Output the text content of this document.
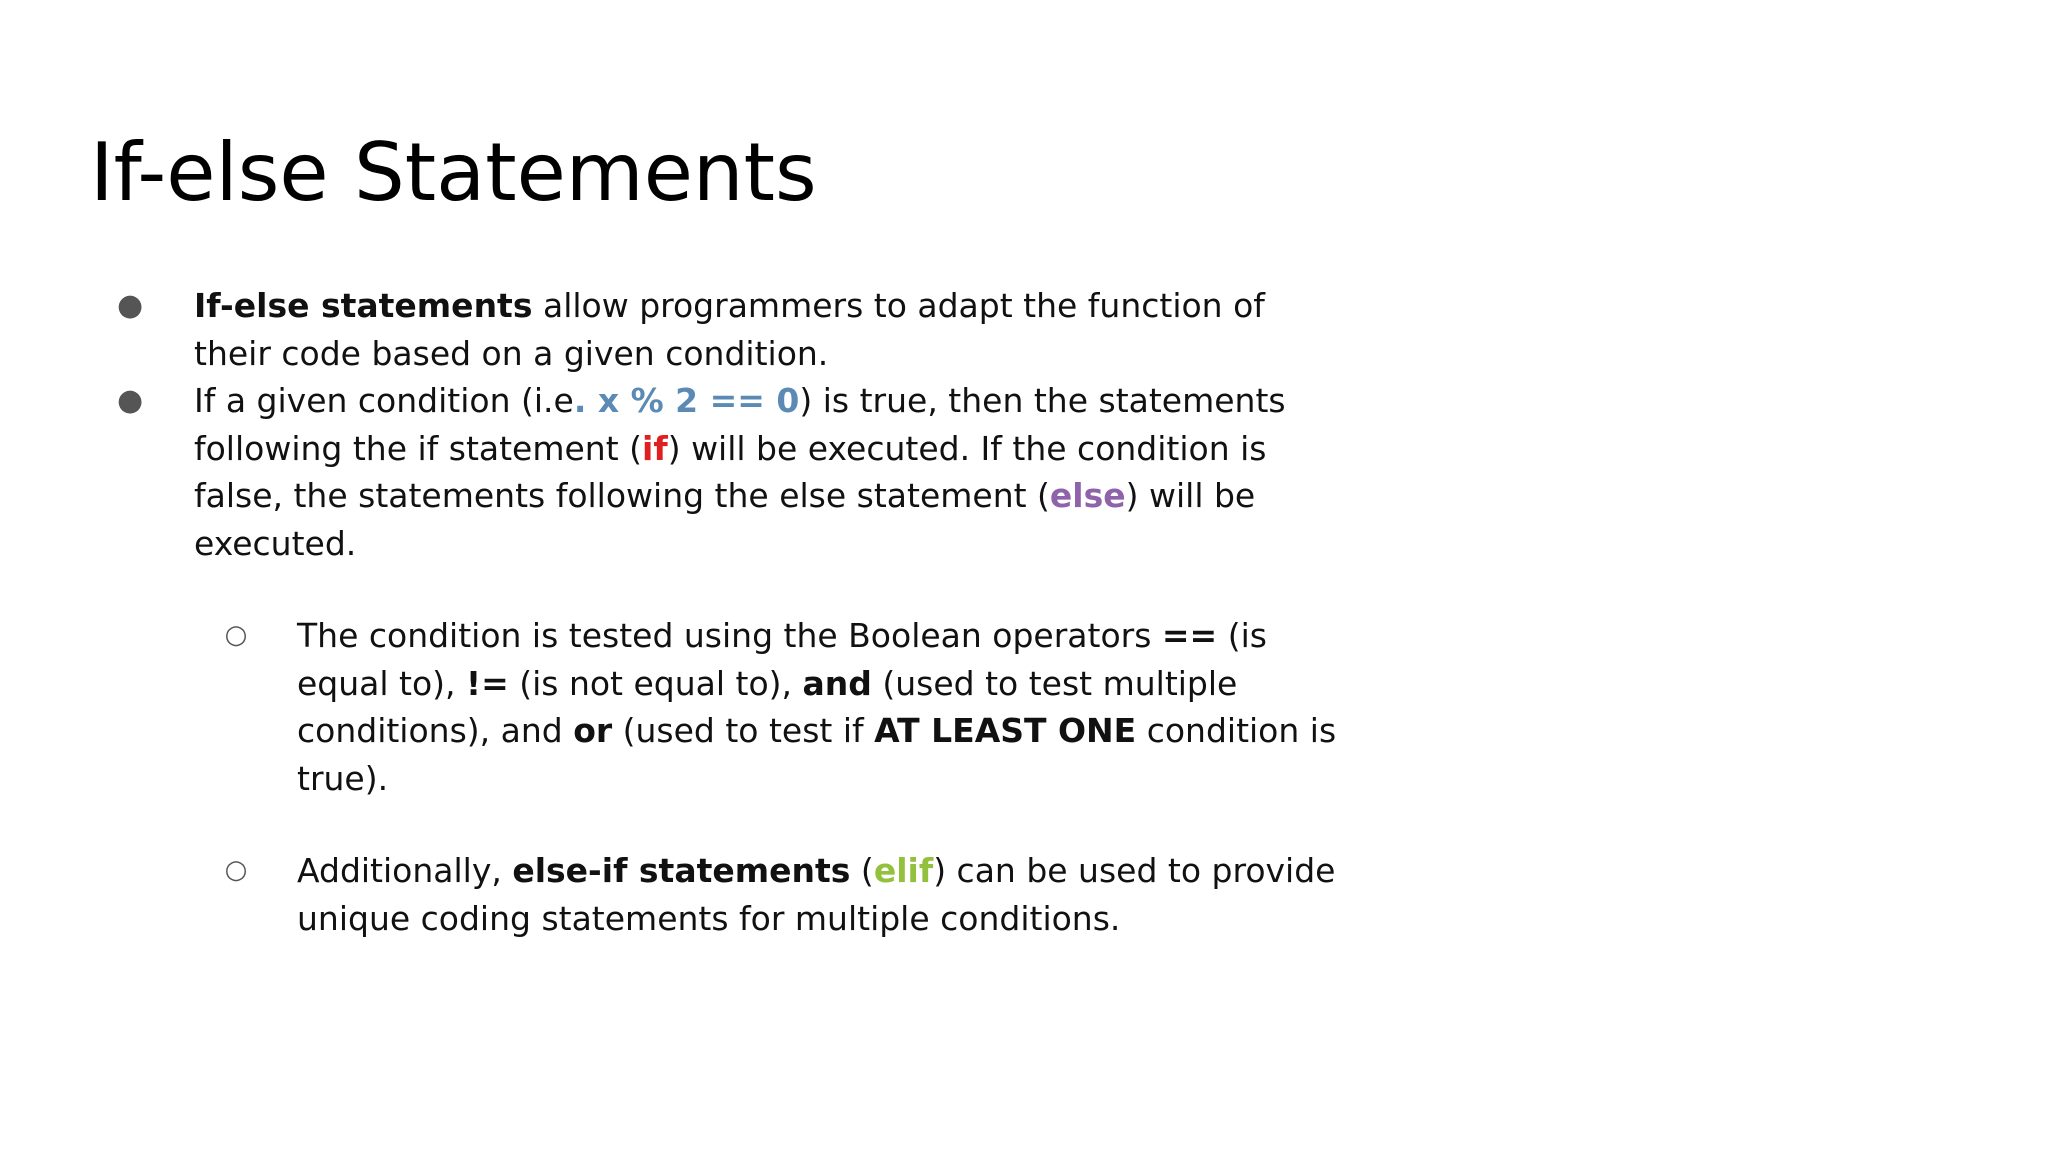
If-else Statements
● If-else statements allow programmers to adapt the function of their code based on a given condition.
● If a given condition (i.e. x % 2 == 0) is true, then the statements following the if statement (if) will be executed. If the condition is false, the statements following the else statement (else) will be executed.
○ The condition is tested using the Boolean operators == (is equal to), != (is not equal to), and (used to test multiple conditions), and or (used to test if AT LEAST ONE condition is true).
○ Additionally, else-if statements (elif) can be used to provide unique coding statements for multiple conditions.
